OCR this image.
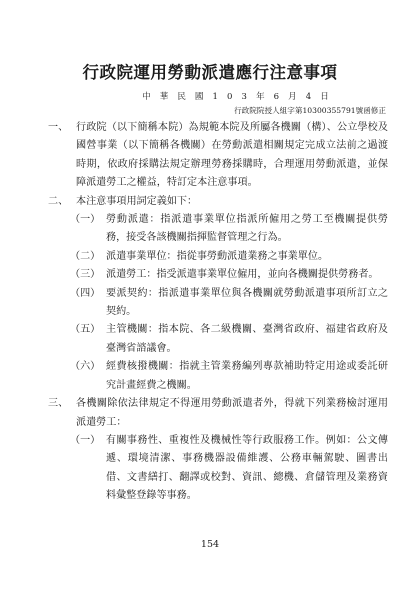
行政院運用勞動派遣應行注意事項
中 華 民 國 1 0 3 年 6 月 4 日
行政院院授人組字第10300355791號函修正
一、 行政院（以下簡稱本院）為規範本院及所屬各機關（構）、公立學校及國營事業（以下簡稱各機關）在勞動派遣相關規定完成立法前之過渡時期，依政府採購法規定辦理勞務採購時，合理運用勞動派遣，並保障派遣勞工之權益，特訂定本注意事項。
二、 本注意事項用詞定義如下：
（一） 勞動派遣：指派遣事業單位指派所僱用之勞工至機關提供勞務，接受各該機關指揮監督管理之行為。
（二） 派遣事業單位：指從事勞動派遣業務之事業單位。
（三） 派遣勞工：指受派遣事業單位僱用，並向各機關提供勞務者。
（四） 要派契約：指派遣事業單位與各機關就勞動派遣事項所訂立之契約。
（五） 主管機關：指本院、各二級機關、臺灣省政府、福建省政府及臺灣省諮議會。
（六） 經費核撥機關：指就主管業務編列專款補助特定用途或委託研究計畫經費之機關。
三、 各機關除依法律規定不得運用勞動派遣者外，得就下列業務檢討運用派遣勞工：
（一） 有關事務性、重複性及機械性等行政服務工作。例如：公文傳遞、環境清潔、事務機器設備維護、公務車輛駕駛、圖書出借、文書繕打、翻譯或校對、資訊、總機、倉儲管理及業務資料彙整登錄等事務。
154
